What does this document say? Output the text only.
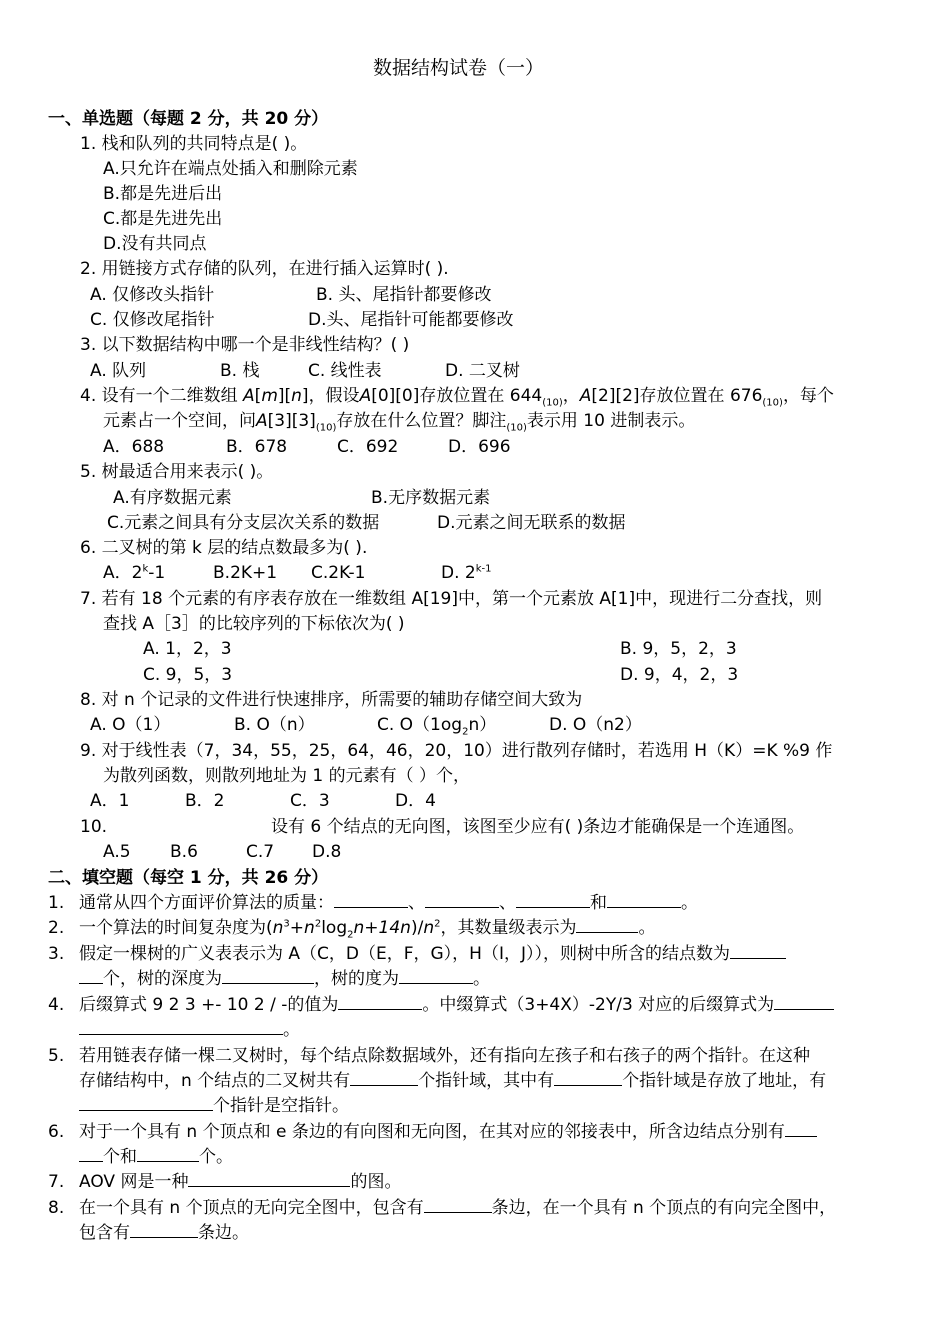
数据结构试卷（一）
一、单选题（每题 2 分，共 20 分）
1. 栈和队列的共同特点是( )。
A.只允许在端点处插入和删除元素
B.都是先进后出
C.都是先进先出
D.没有共同点
2. 用链接方式存储的队列，在进行插入运算时( ).
A. 仅修改头指针	B. 头、尾指针都要修改
C. 仅修改尾指针	D.头、尾指针可能都要修改
3. 以下数据结构中哪一个是非线性结构？( )
A. 队列	B. 栈	C. 线性表	D. 二叉树
4. 设有一个二维数组 A[m][n]，假设A[0][0]存放位置在 $644_{(10)}$，A[2][2]存放位置在 $676_{(10)}$，每个
元素占一个空间，问$A[3][3]_{(10)}$存放在什么位置？脚注$_{(10)}$表示用 10 进制表示。
A．688	B．678	C．692	D．696
5. 树最适合用来表示( )。
A.有序数据元素	B.无序数据元素
C.元素之间具有分支层次关系的数据	D.元素之间无联系的数据
6. 二叉树的第 k 层的结点数最多为( ).
A．2$^k$-1	B.2K+1 C.2K-1	D. 2$^{k-1}$
7. 若有 18 个元素的有序表存放在一维数组 A[19]中，第一个元素放 A[1]中，现进行二分查找，则
查找 A［3］的比较序列的下标依次为( )
A. 1，2，3	B. 9，5，2，3
C. 9，5，3	D. 9，4，2，3
8. 对 n 个记录的文件进行快速排序，所需要的辅助存储空间大致为
A. O（1）	B. O（n）	C. $O(1og_2n)$	D. O（n2）
9. 对于线性表（7，34，55，25，64，46，20，10）进行散列存储时，若选用 H（K）=K %9 作
为散列函数，则散列地址为 1 的元素有（ ）个，
A．1	B．2	C．3	D．4
10.	设有 6 个结点的无向图，该图至少应有( )条边才能确保是一个连通图。
A.5 B.6	C.7 D.8
二、填空题（每空 1 分，共 26 分）
1. 通常从四个方面评价算法的质量：	、	、	和	。
2. 一个算法的时间复杂度为$(n^3+n^2\log_2n+14n)/n^2$，其数量级表示为	。
3. 假定一棵树的广义表表示为 A（C，D（E，F，G），H（I，J）），则树中所含的结点数为
个，树的深度为	，树的度为	。
4. 后缀算式 9 2 3 +- 10 2 / -的值为	。中缀算式（3+4X）-2Y/3 对应的后缀算式为
。
5. 若用链表存储一棵二叉树时，每个结点除数据域外，还有指向左孩子和右孩子的两个指针。在这种
存储结构中，n 个结点的二叉树共有	个指针域，其中有	个指针域是存放了地址，有
个指针是空指针。
6. 对于一个具有 n 个顶点和 e 条边的有向图和无向图，在其对应的邻接表中，所含边结点分别有
个和	个。
7. AOV 网是一种	的图。
8. 在一个具有 n 个顶点的无向完全图中，包含有	条边，在一个具有 n 个顶点的有向完全图中，
包含有	条边。
